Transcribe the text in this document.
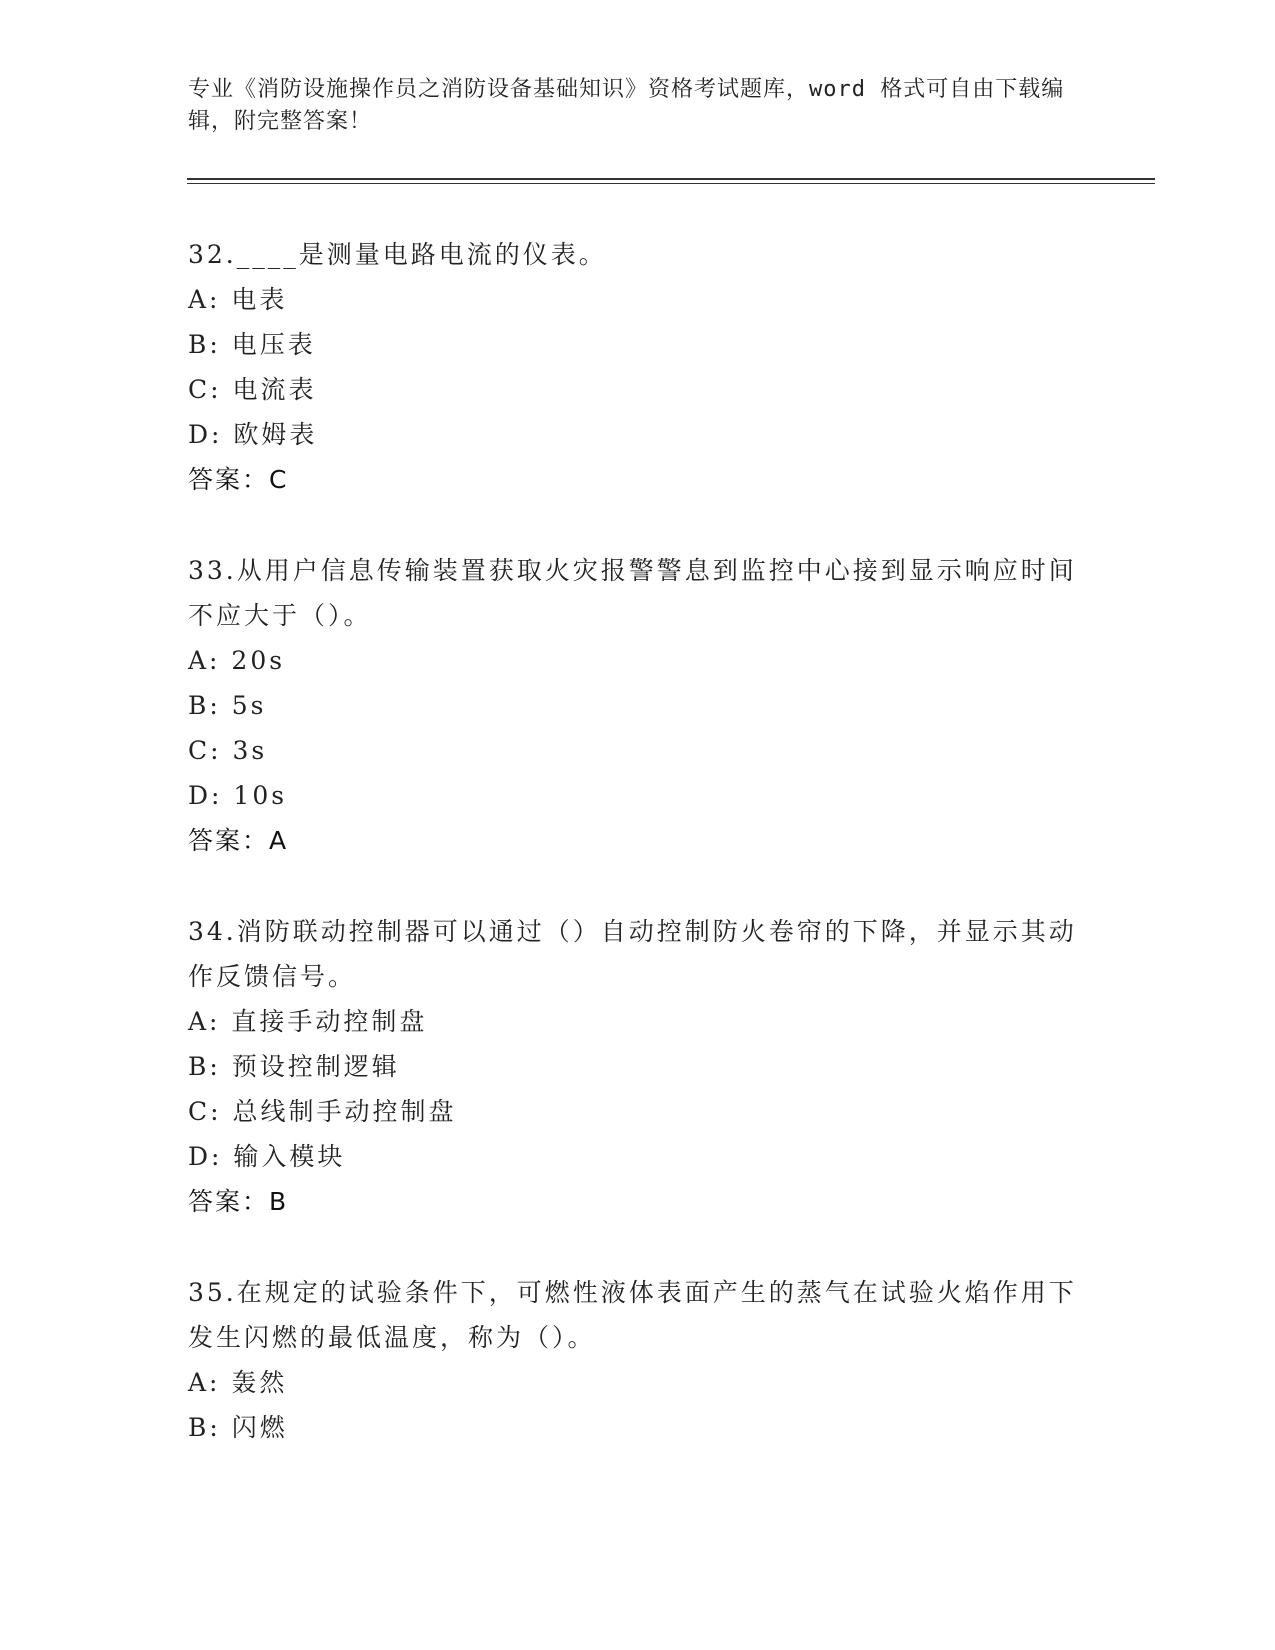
专业《消防设施操作员之消防设备基础知识》资格考试题库，word 格式可自由下载编辑，附完整答案！

32.____是测量电路电流的仪表。

A: 电表

B: 电压表

C: 电流表

D: 欧姆表

答案：C

33.从用户信息传输装置获取火灾报警警息到监控中心接到显示响应时间不应大于（）。

A: 20s

B: 5s

C: 3s

D: 10s

答案：A

34.消防联动控制器可以通过（）自动控制防火卷帘的下降，并显示其动作反馈信号。

A: 直接手动控制盘

B: 预设控制逻辑

C: 总线制手动控制盘

D: 输入模块

答案：B

35.在规定的试验条件下，可燃性液体表面产生的蒸气在试验火焰作用下发生闪燃的最低温度，称为（）。

A: 轰然

B: 闪燃
